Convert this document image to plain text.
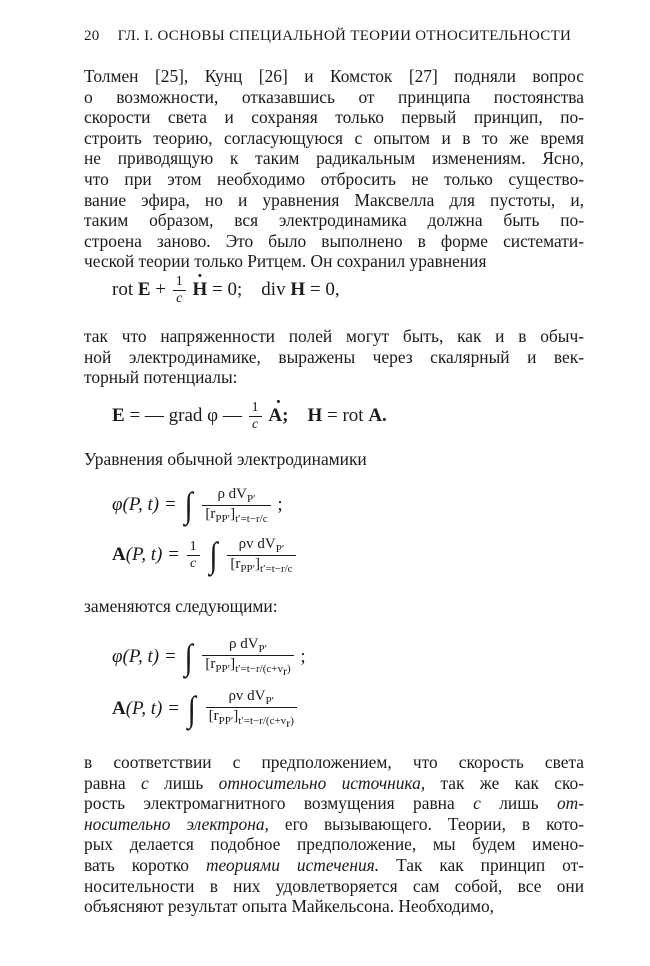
20 ГЛ. I. ОСНОВЫ СПЕЦИАЛЬНОЙ ТЕОРИИ ОТНОСИТЕЛЬНОСТИ
Толмен [25], Кунц [26] и Комсток [27] подняли вопрос
о возможности, отказавшись от принципа постоянства
скорости света и сохраняя только первый принцип, по-
строить теорию, согласующуюся с опытом и в то же время
не приводящую к таким радикальным изменениям. Ясно,
что при этом необходимо отбросить не только существо-
вание эфира, но и уравнения Максвелла для пустоты, и,
таким образом, вся электродинамика должна быть по-
строена заново. Это было выполнено в форме системати-
ческой теории только Ритцем. Он сохранил уравнения
rot $E + \frac{1}{c}$
· H = 0; div H = 0,
так что напряженности полей могут быть, как и в обыч-
ной электродинамике, выражены через скалярный и век-
торный потенциалы:
E = — grad φ — $\frac{1}{c}$
· A; H = rot A.
Уравнения обычной электродинамики
φ(P, t) = ∫ $\frac{\rho dV_{P'}}{[r_{PP'}]_{t'=t-r/c}}$ ;
A(P, $t) = \frac{1}{c}$ ∫ $\frac{\rho v dV_{P'}}{[r_{PP'}]_{t'=t-r/c}}$
заменяются следующими:
φ(P, t) = ∫ $\frac{\rho dV_{P'}}{[r_{PP'}]_{t'=t-r/(c+v_r)}}$ ;
A(P, t) = ∫ $\frac{\rho v dV_{P'}}{[r_{PP'}]_{t'=t-r/(c+v_r)}}$
в соответствии с предположением, что скорость света
равна c лишь относительно источника, так же как ско-
рость электромагнитного возмущения равна c лишь от-
носительно электрона, его вызывающего. Теории, в кото-
рых делается подобное предположение, мы будем имено-
вать коротко теориями истечения. Так как принцип от-
носительности в них удовлетворяется сам собой, все они
объясняют результат опыта Майкельсона. Необходимо,
